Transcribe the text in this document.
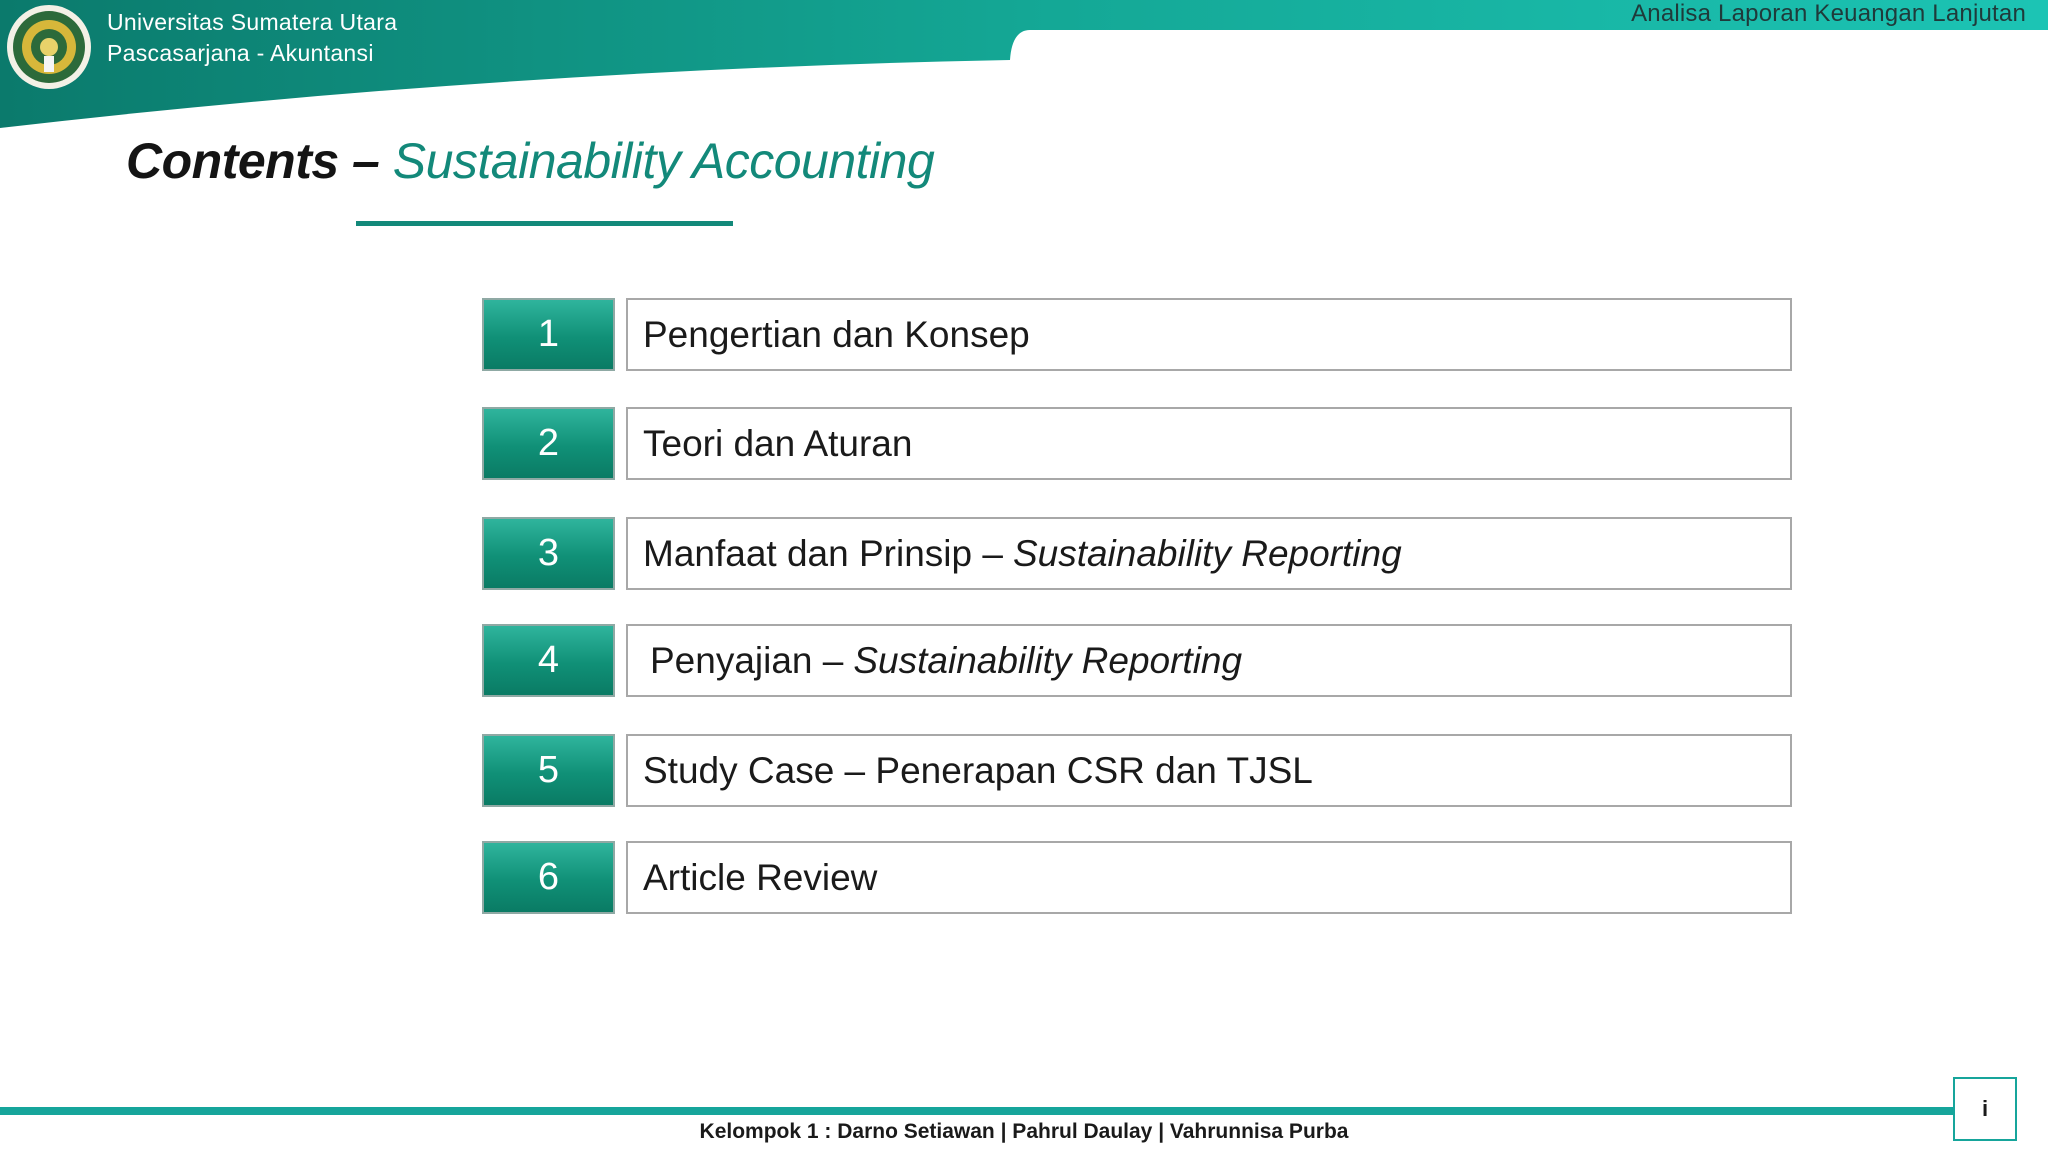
Universitas Sumatera Utara
Pascasarjana - Akuntansi
Analisa Laporan Keuangan Lanjutan
Contents – Sustainability Accounting
1	Pengertian dan Konsep
2	Teori dan Aturan
3	Manfaat dan Prinsip – Sustainability Reporting
4	Penyajian – Sustainability Reporting
5	Study Case – Penerapan CSR dan TJSL
6	Article Review
Kelompok 1 : Darno Setiawan | Pahrul Daulay | Vahrunnisa Purba
i
